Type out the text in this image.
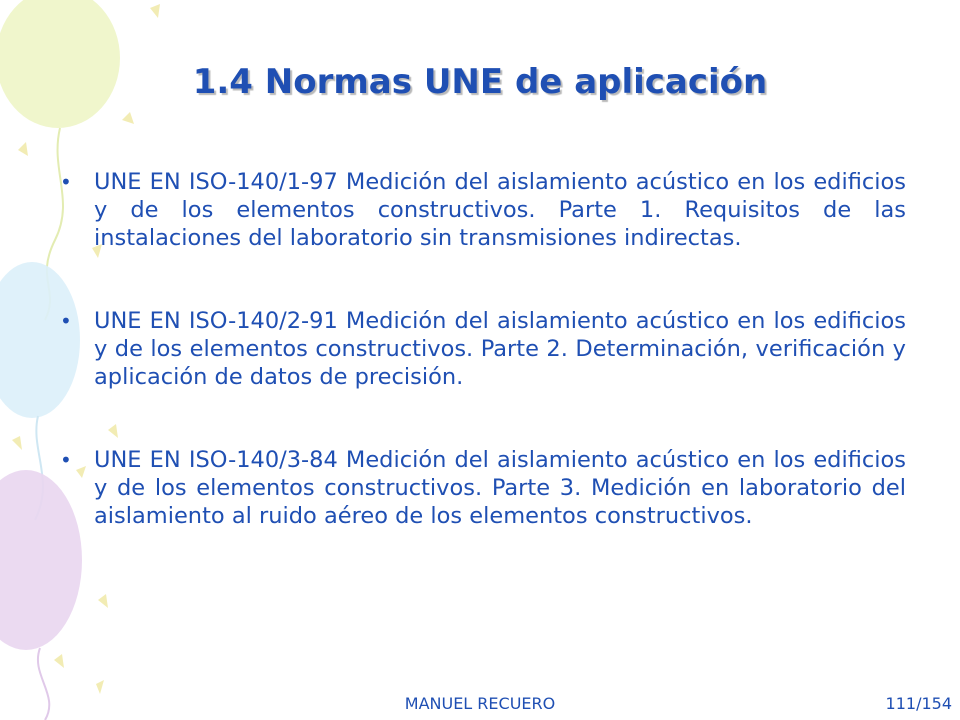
1.4 Normas UNE de aplicación
• UNE EN ISO-140/1-97 Medición del aislamiento acústico en los edificios y de los elementos constructivos. Parte 1. Requisitos de las instalaciones del laboratorio sin transmisiones indirectas.
• UNE EN ISO-140/2-91 Medición del aislamiento acústico en los edificios y de los elementos constructivos. Parte 2. Determinación, verificación y aplicación de datos de precisión.
• UNE EN ISO-140/3-84 Medición del aislamiento acústico en los edificios y de los elementos constructivos. Parte 3. Medición en laboratorio del aislamiento al ruido aéreo de los elementos constructivos.
MANUEL RECUERO	111/154
